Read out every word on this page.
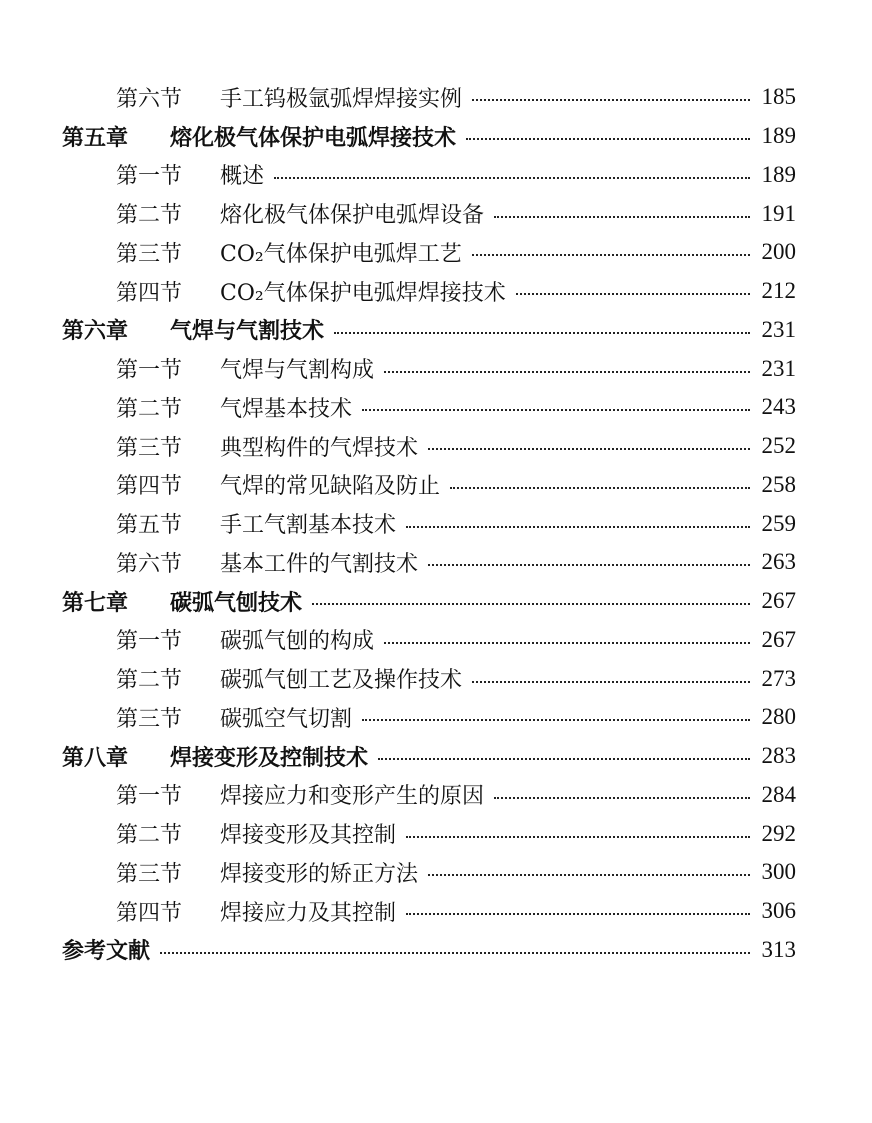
第六节	手工钨极氩弧焊焊接实例	185
第五章	熔化极气体保护电弧焊接技术	189
第一节	概述	189
第二节	熔化极气体保护电弧焊设备	191
第三节	CO₂气体保护电弧焊工艺	200
第四节	CO₂气体保护电弧焊焊接技术	212
第六章	气焊与气割技术	231
第一节	气焊与气割构成	231
第二节	气焊基本技术	243
第三节	典型构件的气焊技术	252
第四节	气焊的常见缺陷及防止	258
第五节	手工气割基本技术	259
第六节	基本工件的气割技术	263
第七章	碳弧气刨技术	267
第一节	碳弧气刨的构成	267
第二节	碳弧气刨工艺及操作技术	273
第三节	碳弧空气切割	280
第八章	焊接变形及控制技术	283
第一节	焊接应力和变形产生的原因	284
第二节	焊接变形及其控制	292
第三节	焊接变形的矫正方法	300
第四节	焊接应力及其控制	306
参考文献	313
